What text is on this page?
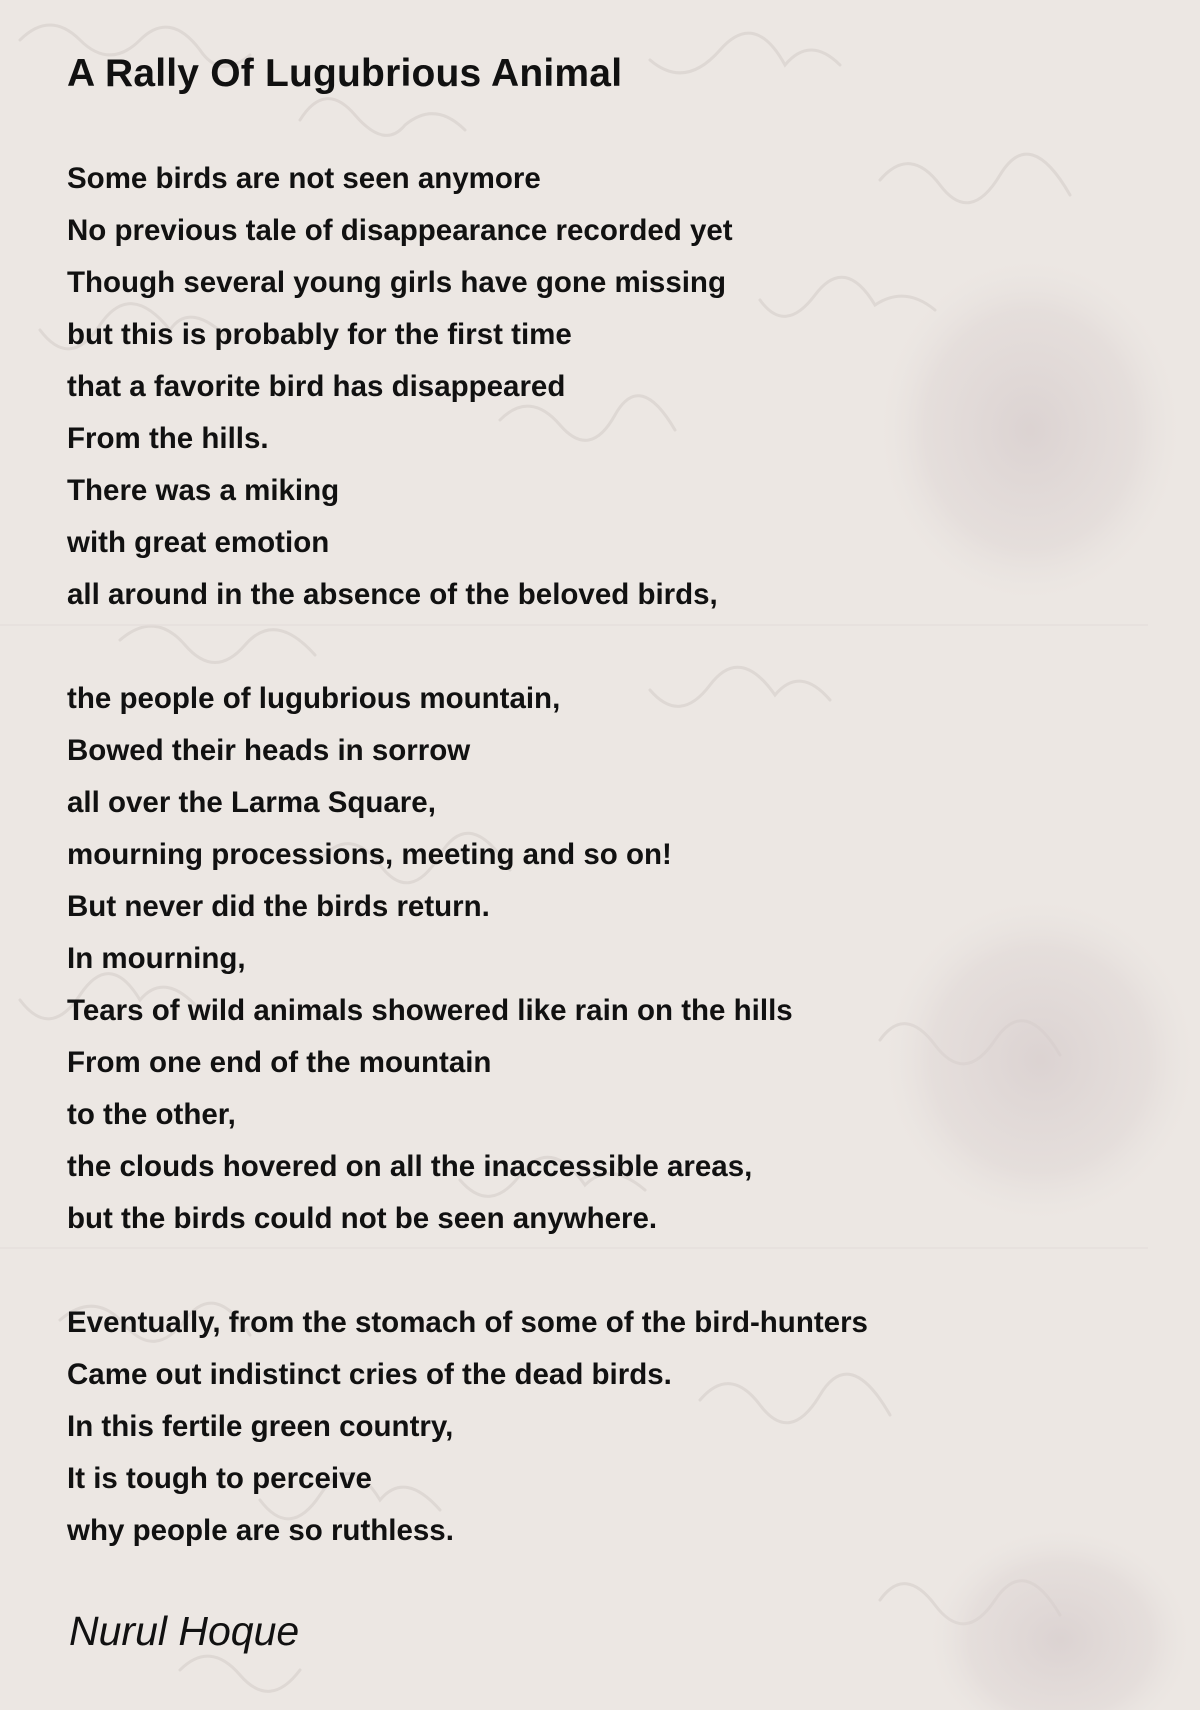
A Rally Of Lugubrious Animal
Some birds are not seen anymore
No previous tale of disappearance recorded yet
Though several young girls have gone missing
but this is probably for the first time
that a favorite bird has disappeared
From the hills.
There was a miking
with great emotion
all around in the absence of the beloved birds,
the people of lugubrious mountain,
Bowed their heads in sorrow
all over the Larma Square,
mourning processions, meeting and so on!
But never did the birds return.
In mourning,
Tears of wild animals showered like rain on the hills
From one end of the mountain
to the other,
the clouds hovered on all the inaccessible areas,
but the birds could not be seen anywhere.
Eventually, from the stomach of some of the bird-hunters
Came out indistinct cries of the dead birds.
In this fertile green country,
It is tough to perceive
why people are so ruthless.

Nurul Hoque
